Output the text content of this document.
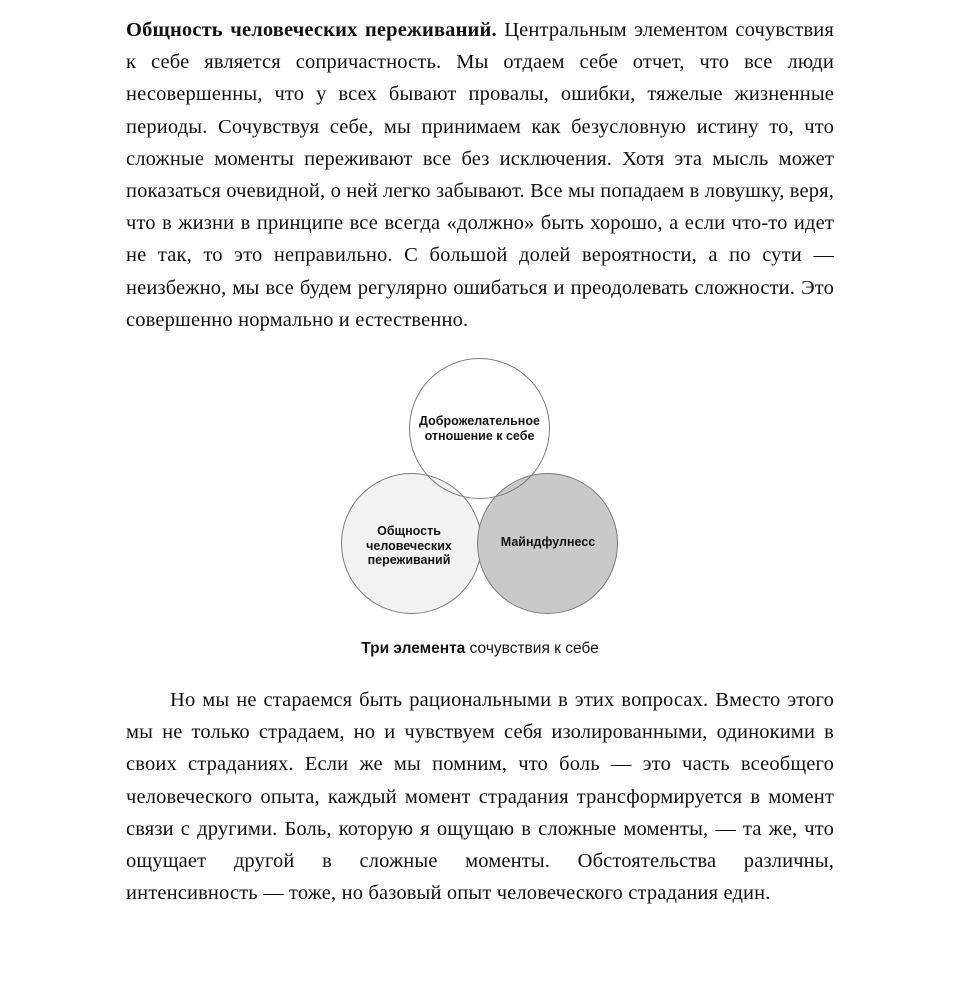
Общность человеческих переживаний. Центральным элементом сочувствия к себе является сопричастность. Мы отдаем себе отчет, что все люди несовершенны, что у всех бывают провалы, ошибки, тяжелые жизненные периоды. Сочувствуя себе, мы принимаем как безусловную истину то, что сложные моменты переживают все без исключения. Хотя эта мысль может показаться очевидной, о ней легко забывают. Все мы попадаем в ловушку, веря, что в жизни в принципе все всегда «должно» быть хорошо, а если что-то идет не так, то это неправильно. С большой долей вероятности, а по сути — неизбежно, мы все будем регулярно ошибаться и преодолевать сложности. Это совершенно нормально и естественно.

Доброжелательное отношение к себе
Общность человеческих переживаний
Майндфулнесс
Три элемента сочувствия к себе

Но мы не стараемся быть рациональными в этих вопросах. Вместо этого мы не только страдаем, но и чувствуем себя изолированными, одинокими в своих страданиях. Если же мы помним, что боль — это часть всеобщего человеческого опыта, каждый момент страдания трансформируется в момент связи с другими. Боль, которую я ощущаю в сложные моменты, — та же, что ощущает другой в сложные моменты. Обстоятельства различны, интенсивность — тоже, но базовый опыт человеческого страдания един.
